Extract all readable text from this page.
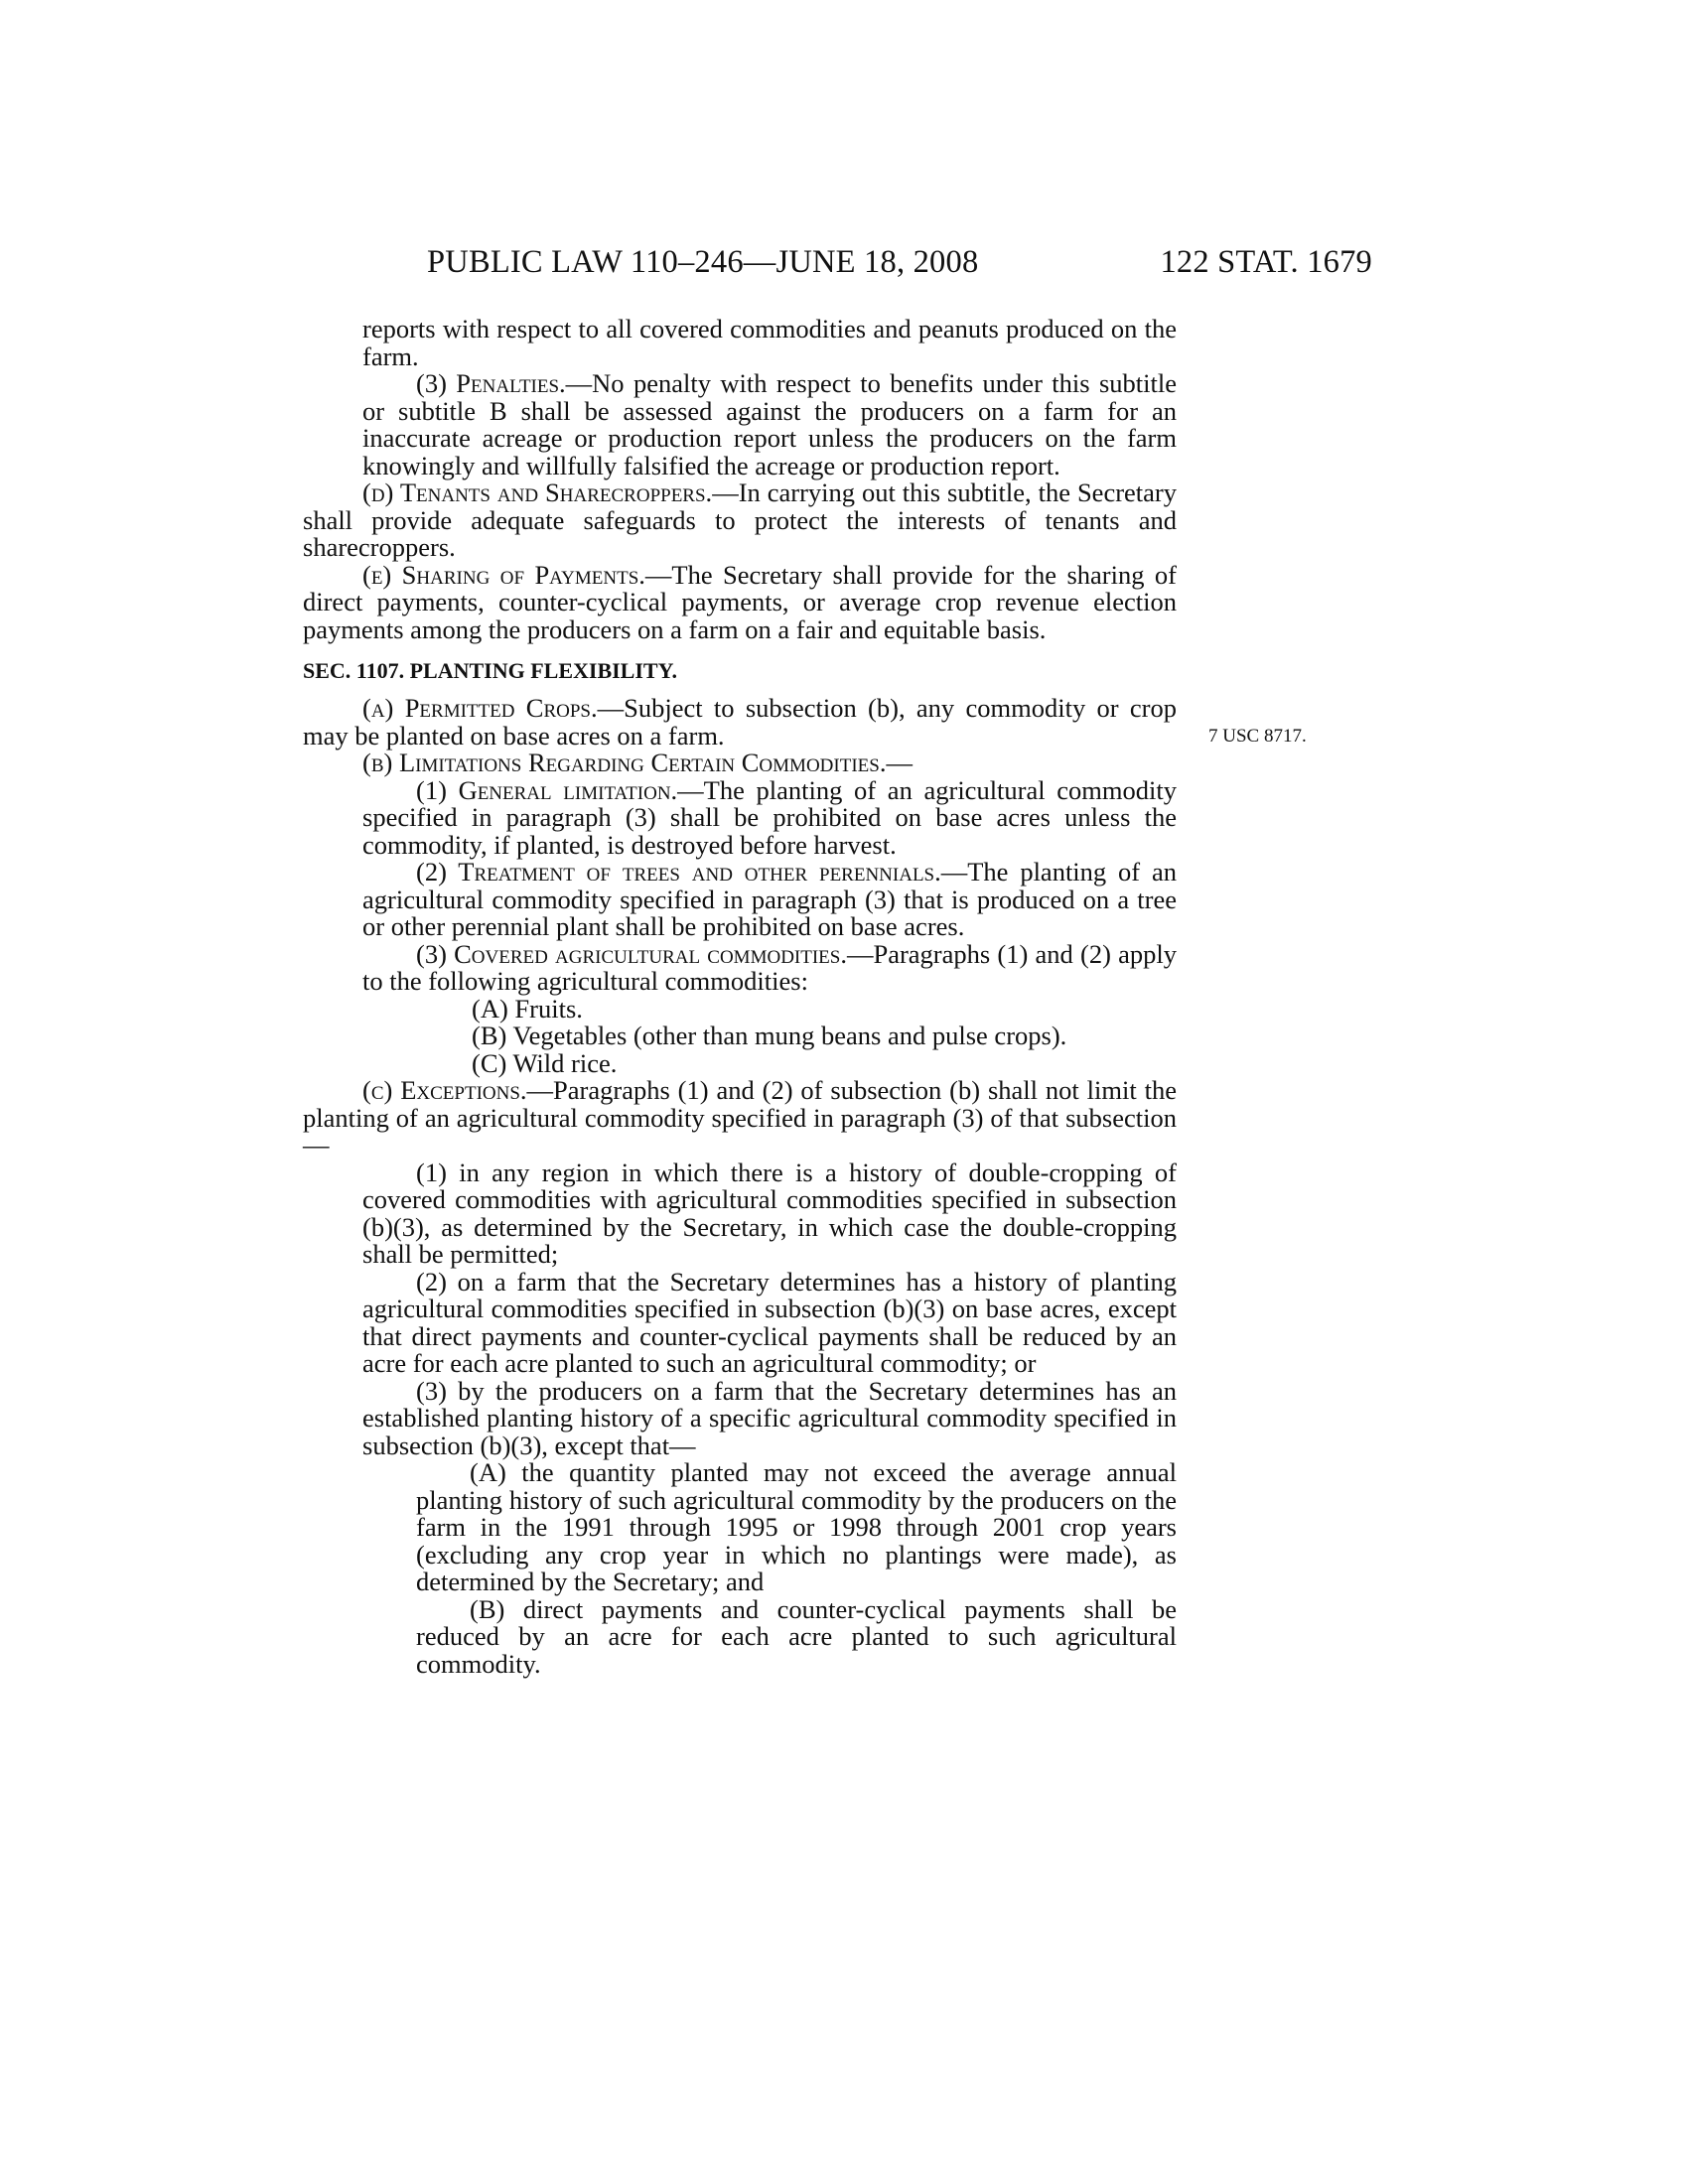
PUBLIC LAW 110–246—JUNE 18, 2008	122 STAT. 1679
7 USC 8717.

reports with respect to all covered commodities and peanuts produced on the farm.

(3) Penalties.—No penalty with respect to benefits under this subtitle or subtitle B shall be assessed against the producers on a farm for an inaccurate acreage or production report unless the producers on the farm knowingly and willfully falsified the acreage or production report.

(d) Tenants and Sharecroppers.—In carrying out this subtitle, the Secretary shall provide adequate safeguards to protect the interests of tenants and sharecroppers.

(e) Sharing of Payments.—The Secretary shall provide for the sharing of direct payments, counter-cyclical payments, or average crop revenue election payments among the producers on a farm on a fair and equitable basis.

SEC. 1107. PLANTING FLEXIBILITY.

(a) Permitted Crops.—Subject to subsection (b), any commodity or crop may be planted on base acres on a farm.

(b) Limitations Regarding Certain Commodities.—

(1) General limitation.—The planting of an agricultural commodity specified in paragraph (3) shall be prohibited on base acres unless the commodity, if planted, is destroyed before harvest.

(2) Treatment of trees and other perennials.—The planting of an agricultural commodity specified in paragraph (3) that is produced on a tree or other perennial plant shall be prohibited on base acres.

(3) Covered agricultural commodities.—Paragraphs (1) and (2) apply to the following agricultural commodities:

(A) Fruits.

(B) Vegetables (other than mung beans and pulse crops).

(C) Wild rice.

(c) Exceptions.—Paragraphs (1) and (2) of subsection (b) shall not limit the planting of an agricultural commodity specified in paragraph (3) of that subsection—

(1) in any region in which there is a history of double-cropping of covered commodities with agricultural commodities specified in subsection (b)(3), as determined by the Secretary, in which case the double-cropping shall be permitted;

(2) on a farm that the Secretary determines has a history of planting agricultural commodities specified in subsection (b)(3) on base acres, except that direct payments and counter-cyclical payments shall be reduced by an acre for each acre planted to such an agricultural commodity; or

(3) by the producers on a farm that the Secretary determines has an established planting history of a specific agricultural commodity specified in subsection (b)(3), except that—

(A) the quantity planted may not exceed the average annual planting history of such agricultural commodity by the producers on the farm in the 1991 through 1995 or 1998 through 2001 crop years (excluding any crop year in which no plantings were made), as determined by the Secretary; and

(B) direct payments and counter-cyclical payments shall be reduced by an acre for each acre planted to such agricultural commodity.
